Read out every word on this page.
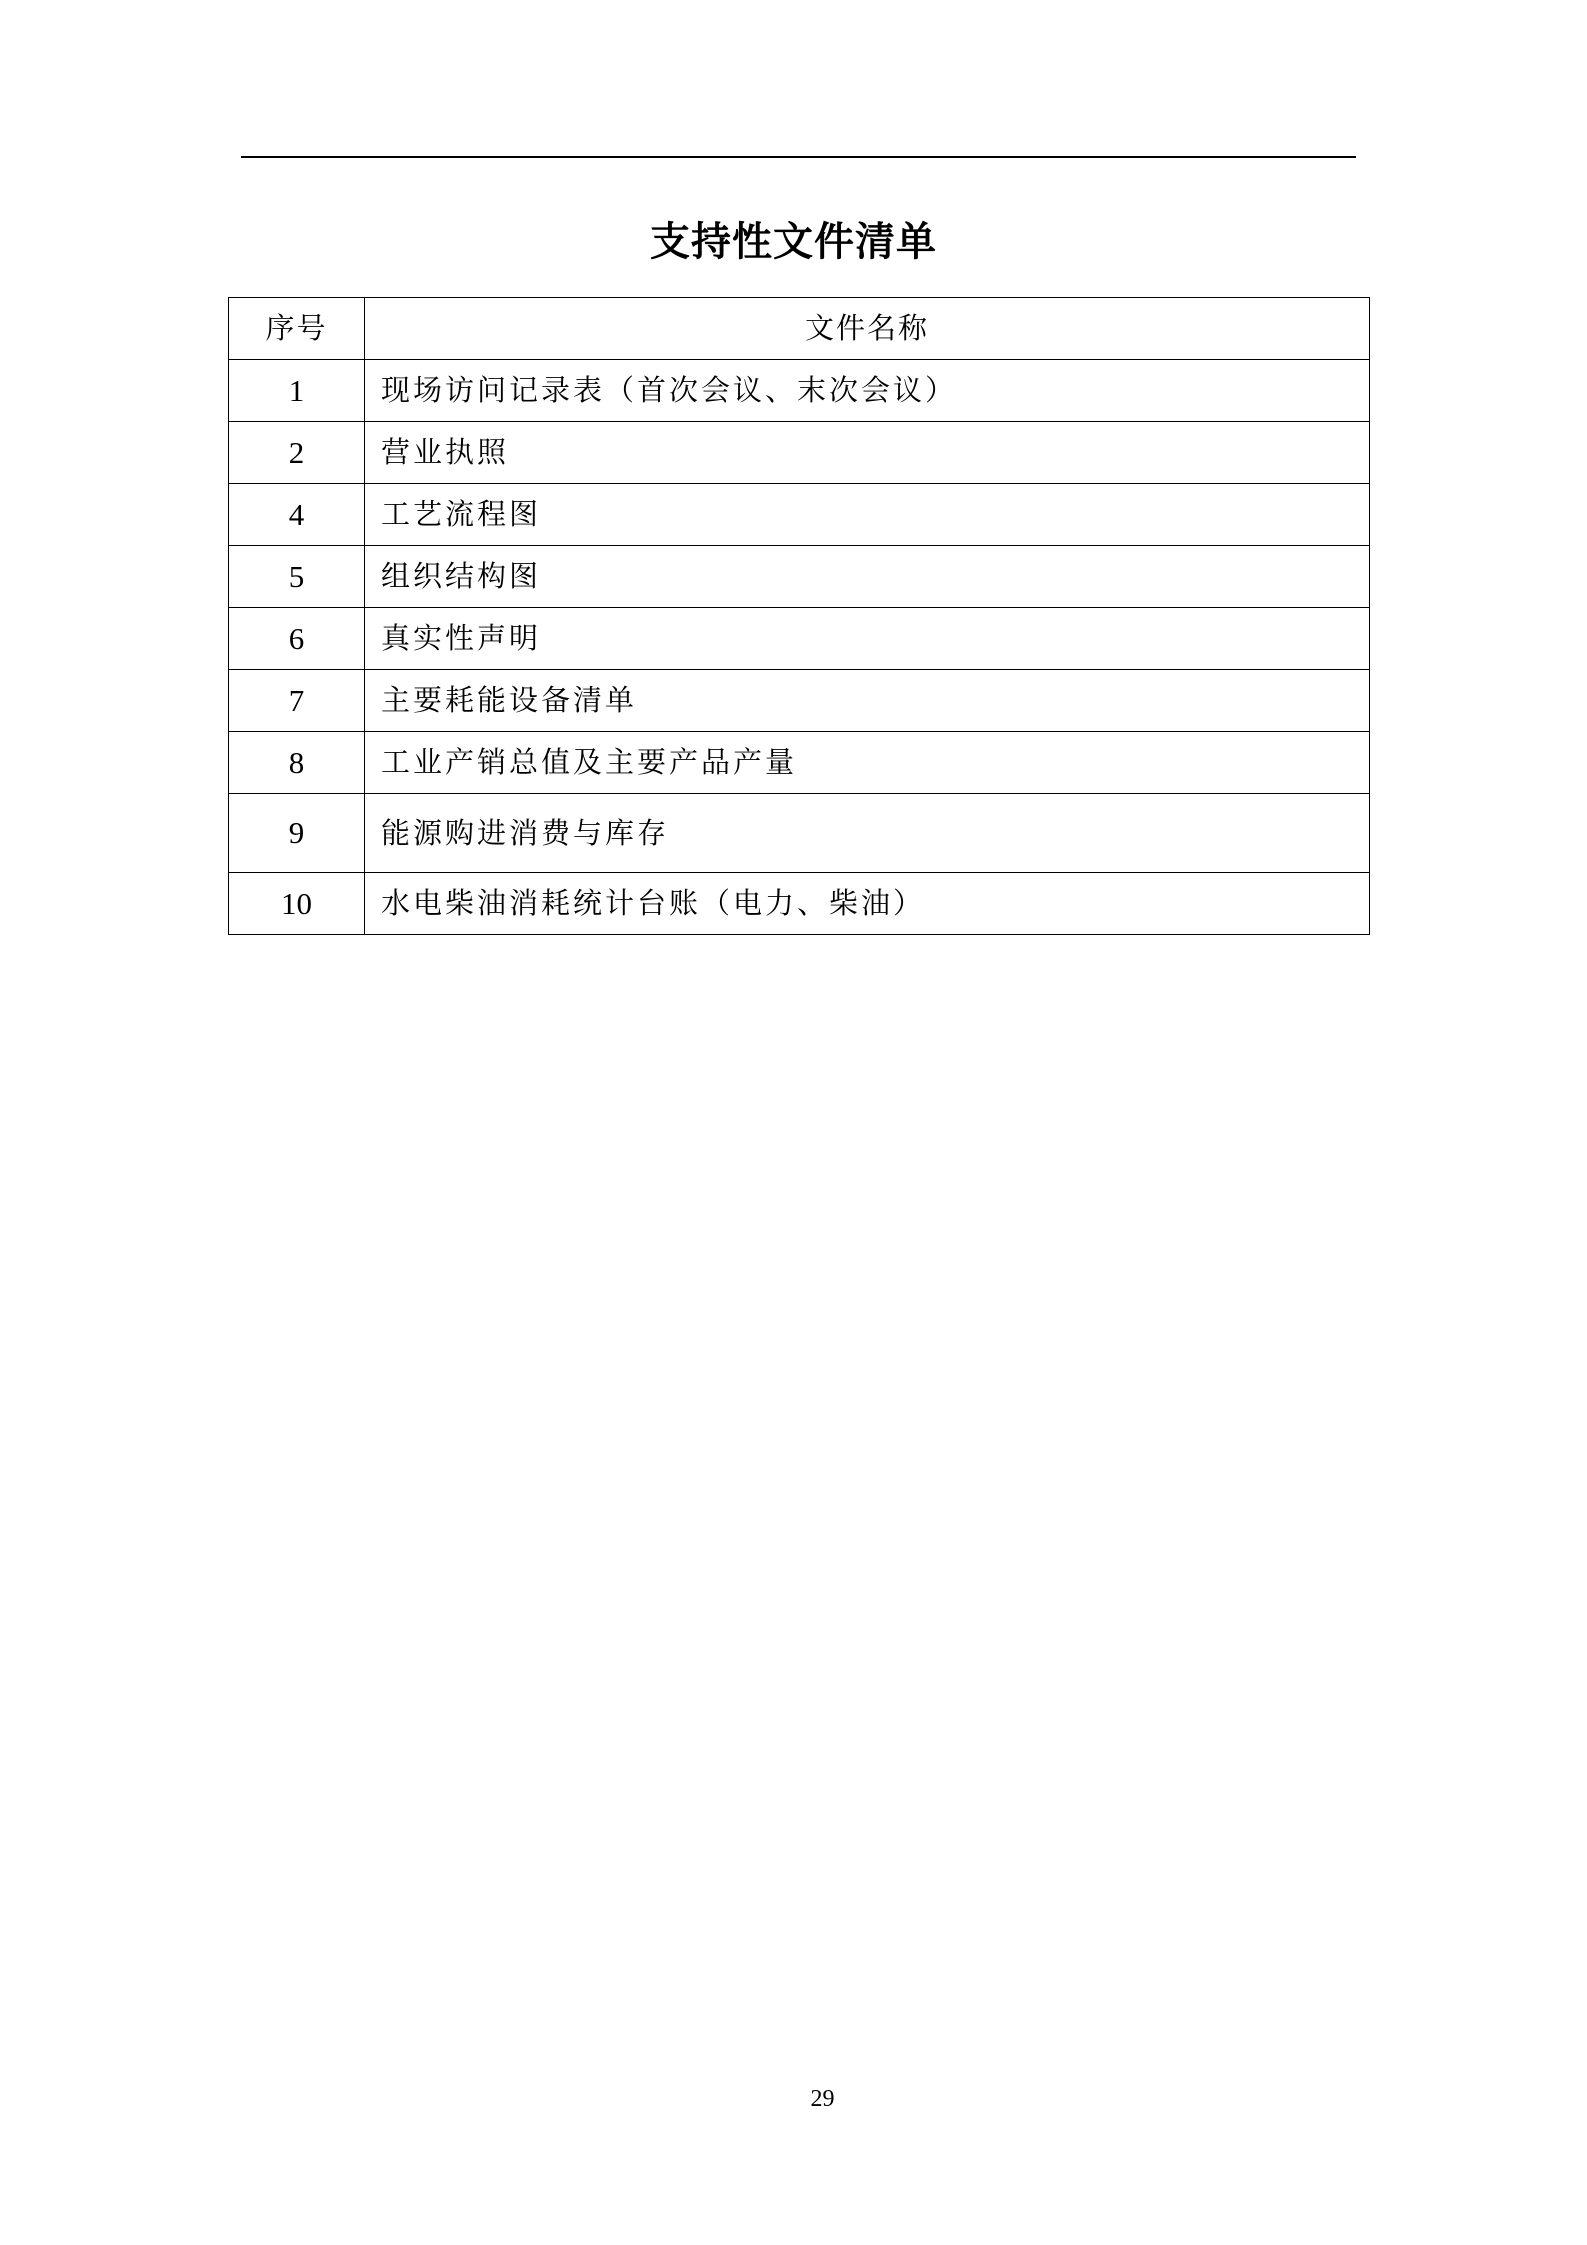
支持性文件清单
序号	文件名称
1	现场访问记录表（首次会议、末次会议）
2	营业执照
4	工艺流程图
5	组织结构图
6	真实性声明
7	主要耗能设备清单
8	工业产销总值及主要产品产量
9	能源购进消费与库存
10	水电柴油消耗统计台账（电力、柴油）
29
